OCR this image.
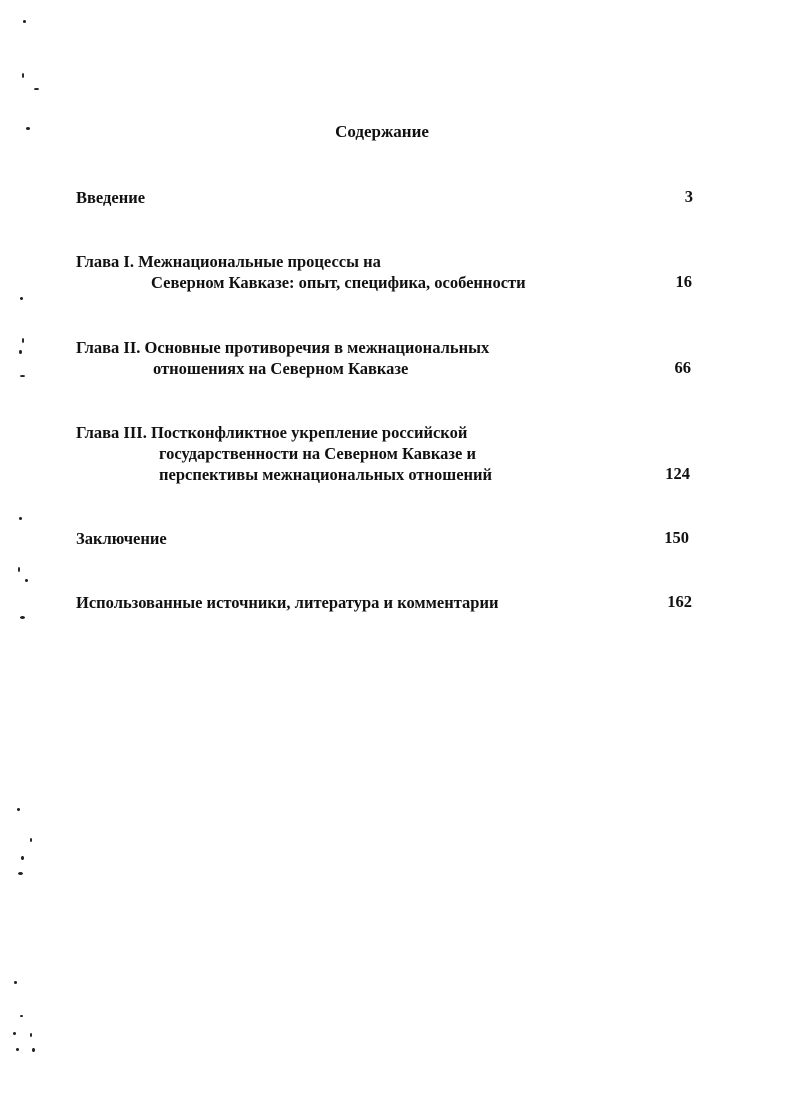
Содержание
Введение	3
Глава I. Межнациональные процессы на
Северном Кавказе: опыт, специфика, особенности	16
Глава II. Основные противоречия в межнациональных
отношениях на Северном Кавказе	66
Глава III. Постконфликтное укрепление российской
государственности на Северном Кавказе и
перспективы межнациональных отношений	124
Заключение	150
Использованные источники, литература и комментарии	162
